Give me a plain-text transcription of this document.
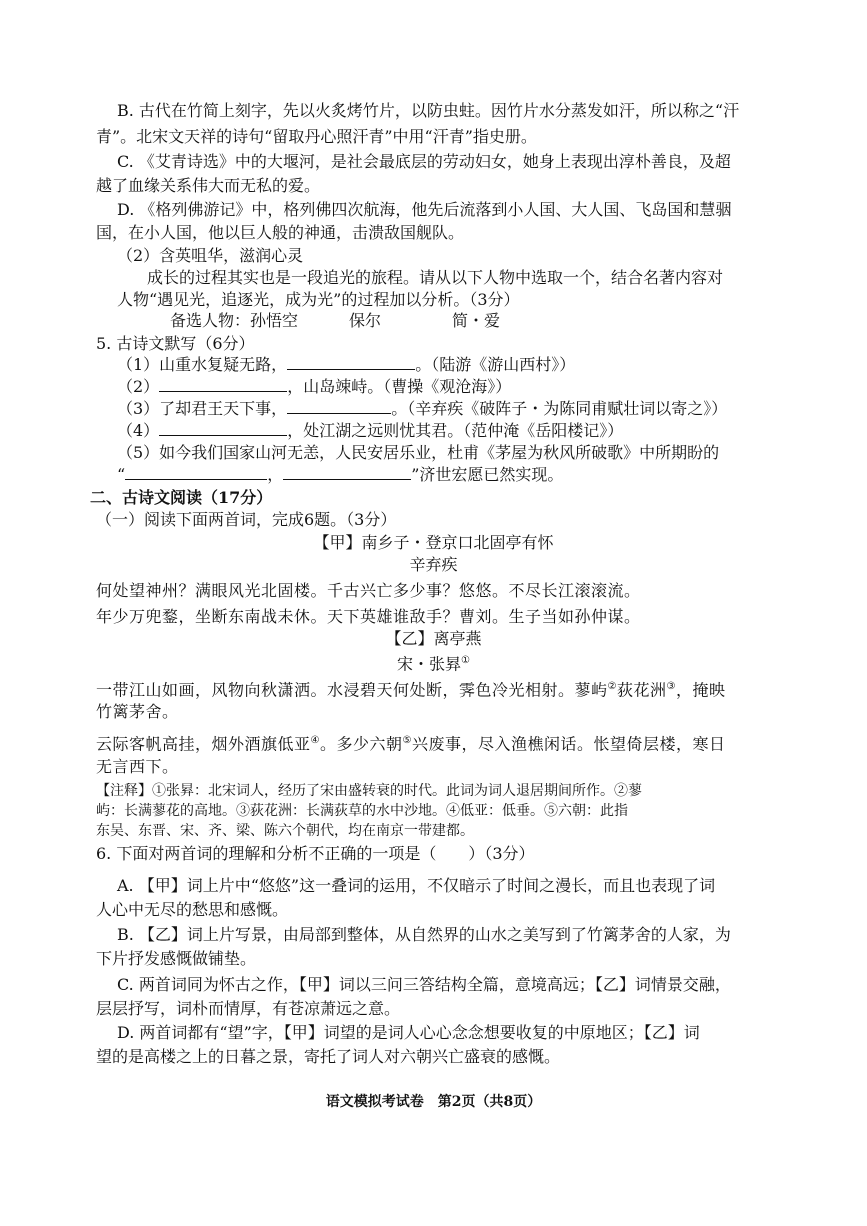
B. 古代在竹简上刻字，先以火炙烤竹片，以防虫蛀。因竹片水分蒸发如汗，所以称之“汗
青”。北宋文天祥的诗句“留取丹心照汗青”中用“汗青”指史册。
C. 《艾青诗选》中的大堰河，是社会最底层的劳动妇女，她身上表现出淳朴善良，及超
越了血缘关系伟大而无私的爱。
D. 《格列佛游记》中，格列佛四次航海，他先后流落到小人国、大人国、飞岛国和慧骃
国，在小人国，他以巨人般的神通，击溃敌国舰队。
（2）含英咀华，滋润心灵
成长的过程其实也是一段追光的旅程。请从以下人物中选取一个，结合名著内容对
人物“遇见光，追逐光，成为光”的过程加以分析。（3分）
备选人物：孙悟空	保尔	简・爱
5. 古诗文默写（6分）
（1）山重水复疑无路，	。（陆游《游山西村》）
（2）	，山岛竦峙。（曹操《观沧海》）
（3）了却君王天下事，	。（辛弃疾《破阵子・为陈同甫赋壮词以寄之》）
（4）	，处江湖之远则忧其君。（范仲淹《岳阳楼记》）
（5）如今我们国家山河无恙，人民安居乐业，杜甫《茅屋为秋风所破歌》中所期盼的
“	，	”济世宏愿已然实现。
二、古诗文阅读（17分）
（一）阅读下面两首词，完成6题。（3分）
【甲】南乡子・登京口北固亭有怀
辛弃疾
何处望神州？满眼风光北固楼。千古兴亡多少事？悠悠。不尽长江滚滚流。
年少万兜鍪，坐断东南战未休。天下英雄谁敌手？曹刘。生子当如孙仲谋。
【乙】离亭燕
宋・张昪①
一带江山如画，风物向秋潇洒。水浸碧天何处断，霁色冷光相射。蓼屿②荻花洲③，掩映
竹篱茅舍。
云际客帆高挂，烟外酒旗低亚④。多少六朝⑤兴废事，尽入渔樵闲话。怅望倚层楼，寒日
无言西下。
【注释】①张昪：北宋词人，经历了宋由盛转衰的时代。此词为词人退居期间所作。②蓼
屿：长满蓼花的高地。③荻花洲：长满荻草的水中沙地。④低亚：低垂。⑤六朝：此指
东吴、东晋、宋、齐、梁、陈六个朝代，均在南京一带建都。
6. 下面对两首词的理解和分析不正确的一项是（　　）（3分）
A. 【甲】词上片中“悠悠”这一叠词的运用，不仅暗示了时间之漫长，而且也表现了词
人心中无尽的愁思和感慨。
B. 【乙】词上片写景，由局部到整体，从自然界的山水之美写到了竹篱茅舍的人家，为
下片抒发感慨做铺垫。
C. 两首词同为怀古之作，【甲】词以三问三答结构全篇，意境高远；【乙】词情景交融，
层层抒写，词朴而情厚，有苍凉萧远之意。
D. 两首词都有“望”字，【甲】词望的是词人心心念念想要收复的中原地区；【乙】词
望的是高楼之上的日暮之景，寄托了词人对六朝兴亡盛衰的感慨。
语文模拟考试卷　第2页（共8页）
